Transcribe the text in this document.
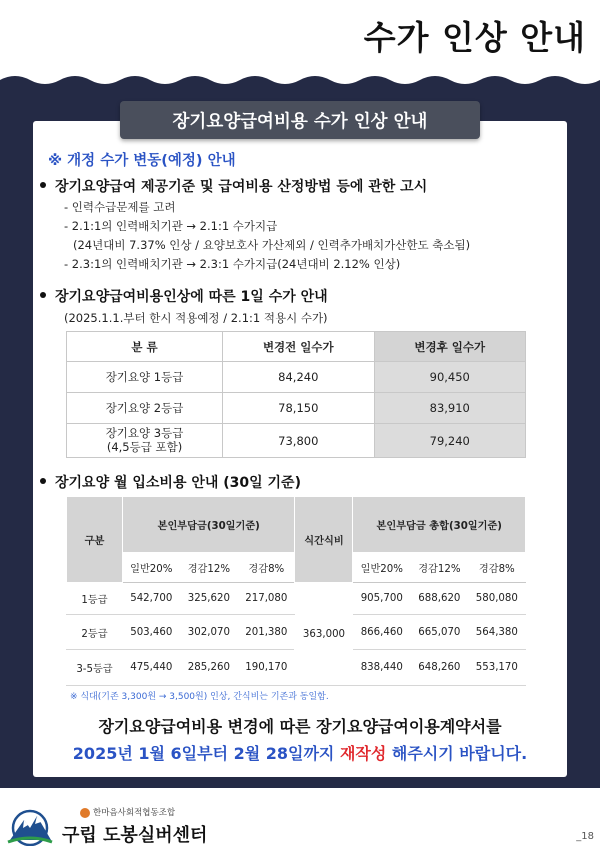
수가 인상 안내
장기요양급여비용 수가 인상 안내
※ 개정 수가 변동(예정) 안내
장기요양급여 제공기준 및 급여비용 산정방법 등에 관한 고시
- 인력수급문제를 고려
- 2.1:1의 인력배치기관 → 2.1:1 수가지급
(24년대비 7.37% 인상 / 요양보호사 가산제외 / 인력추가배치가산한도 축소됨)
- 2.3:1의 인력배치기관 → 2.3:1 수가지급(24년대비 2.12% 인상)
장기요양급여비용인상에 따른 1일 수가 안내
(2025.1.1.부터 한시 적용예정 / 2.1:1 적용시 수가)
분 류	변경전 일수가	변경후 일수가
장기요양 1등급	84,240	90,450
장기요양 2등급	78,150	83,910
장기요양 3등급
(4,5등급 포함)	73,800	79,240
장기요양 월 입소비용 안내 (30일 기준)
구분	본인부담금(30일기준)			식간식비	본인부담금 총합(30일기준)		
	일반20%	경감12%	경감8%		일반20%	경감12%	경감8%
1등급	542,700	325,620	217,080	363,000	905,700	688,620	580,080
2등급	503,460	302,070	201,380		866,460	665,070	564,380
3-5등급	475,440	285,260	190,170		838,440	648,260	553,170
※ 식대(기존 3,300원 → 3,500원) 인상, 간식비는 기존과 동일함.
장기요양급여비용 변경에 따른 장기요양급여이용계약서를
2025년 1월 6일부터 2월 28일까지 재작성 해주시기 바랍니다.
한마음사회적협동조합
구립 도봉실버센터	_18
